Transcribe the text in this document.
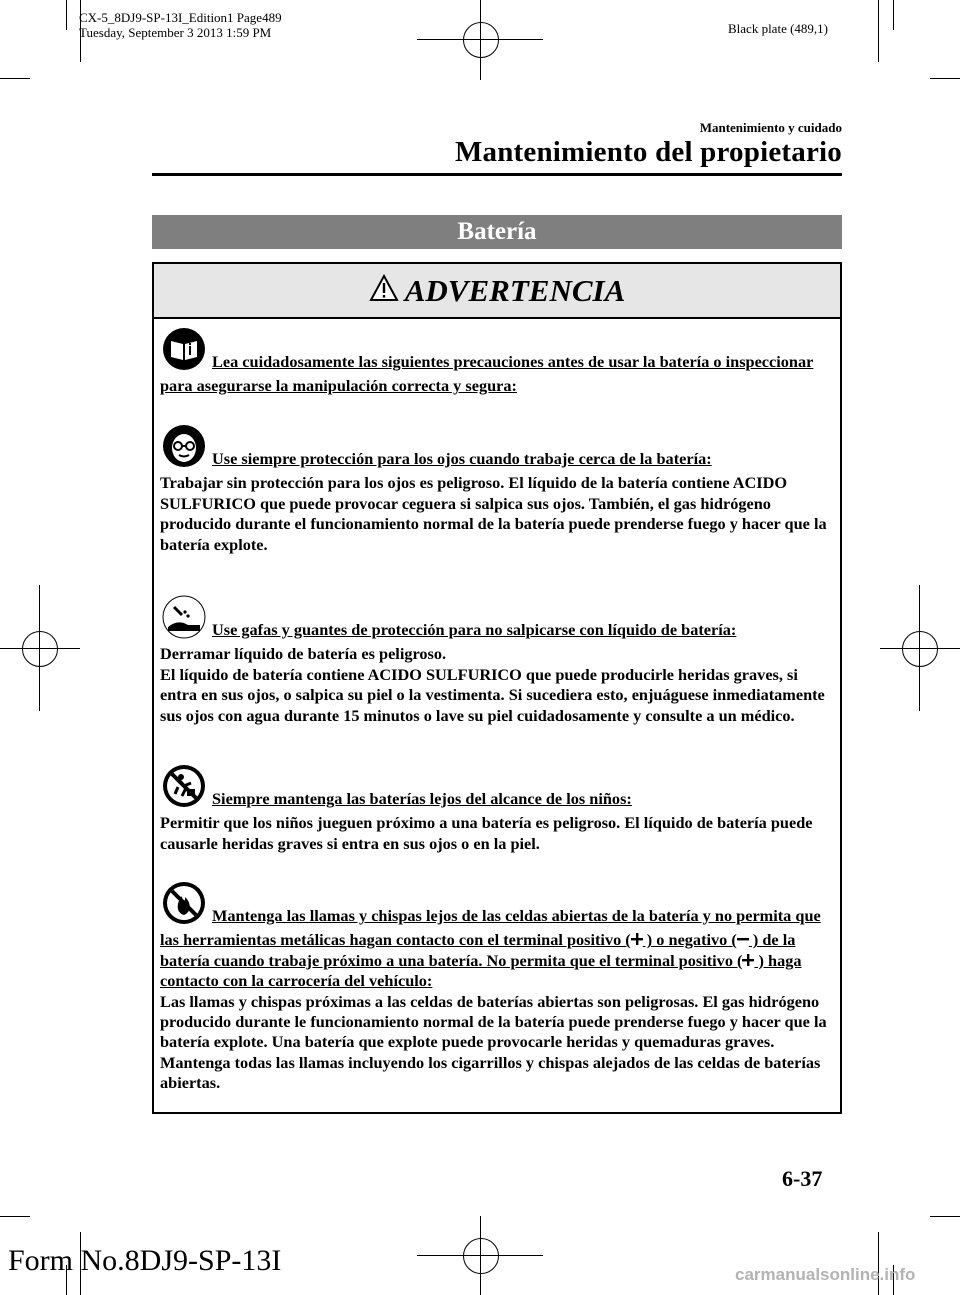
CX-5_8DJ9-SP-13I_Edition1 Page489
Tuesday, September 3 2013 1:59 PM	Black plate (489,1)
Mantenimiento y cuidado
Mantenimiento del propietario
Batería
ADVERTENCIA
Lea cuidadosamente las siguientes precauciones antes de usar la batería o inspeccionar para asegurarse la manipulación correcta y segura:
Use siempre protección para los ojos cuando trabaje cerca de la batería:
Trabajar sin protección para los ojos es peligroso. El líquido de la batería contiene ACIDO SULFURICO que puede provocar ceguera si salpica sus ojos. También, el gas hidrógeno producido durante el funcionamiento normal de la batería puede prenderse fuego y hacer que la batería explote.
Use gafas y guantes de protección para no salpicarse con líquido de batería:
Derramar líquido de batería es peligroso.
El líquido de batería contiene ACIDO SULFURICO que puede producirle heridas graves, si entra en sus ojos, o salpica su piel o la vestimenta. Si sucediera esto, enjuáguese inmediatamente sus ojos con agua durante 15 minutos o lave su piel cuidadosamente y consulte a un médico.
Siempre mantenga las baterías lejos del alcance de los niños:
Permitir que los niños jueguen próximo a una batería es peligroso. El líquido de batería puede causarle heridas graves si entra en sus ojos o en la piel.
Mantenga las llamas y chispas lejos de las celdas abiertas de la batería y no permita que las herramientas metálicas hagan contacto con el terminal positivo ( ) o negativo ( ) de la batería cuando trabaje próximo a una batería. No permita que el terminal positivo ( ) haga contacto con la carrocería del vehículo:
Las llamas y chispas próximas a las celdas de baterías abiertas son peligrosas. El gas hidrógeno producido durante le funcionamiento normal de la batería puede prenderse fuego y hacer que la batería explote. Una batería que explote puede provocarle heridas y quemaduras graves. Mantenga todas las llamas incluyendo los cigarrillos y chispas alejados de las celdas de baterías abiertas.
6-37
Form No.8DJ9-SP-13I	carmanualsonline.info
